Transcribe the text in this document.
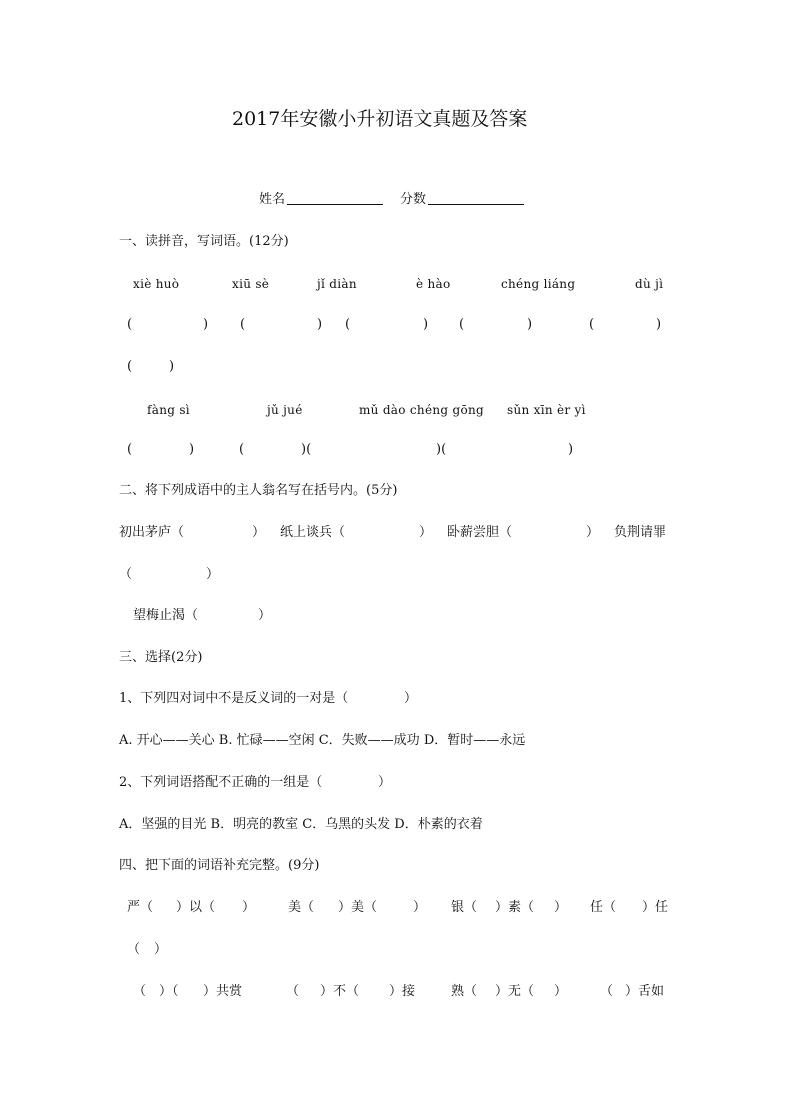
2017年安徽小升初语文真题及答案
姓名	分数
一、读拼音，写词语。(12分)
xiè huò	xiū sè	jǐ diàn	è hào	chéng liáng	dù jì
(	) (	) (	) (	)	(	)
(	)
fàng sì	jǔ jué	mǔ dào chéng gōng sǔn xīn èr yì
(	)	(	)(	)(	)
二、将下列成语中的主人翁名写在括号内。(5分)
初出茅庐（	） 纸上谈兵（	） 卧薪尝胆（	） 负荆请罪
（	）
望梅止渴（	）
三、选择(2分)
1、下列四对词中不是反义词的一对是（	）
A. 开心——关心 B. 忙碌——空闲 C．失败——成功 D．暂时——永远
2、下列词语搭配不正确的一组是（	）
A．坚强的目光 B．明亮的教室 C．乌黑的头发 D．朴素的衣着
四、把下面的词语补充完整。(9分)
严（ ）以（ ）	美（ ）美（	） 银（ ）素（ ） 任（ ）任
（ ）
（ ）（ ）共赏	（ ）不（ ）接	熟（ ）无（ ）	（ ）舌如
